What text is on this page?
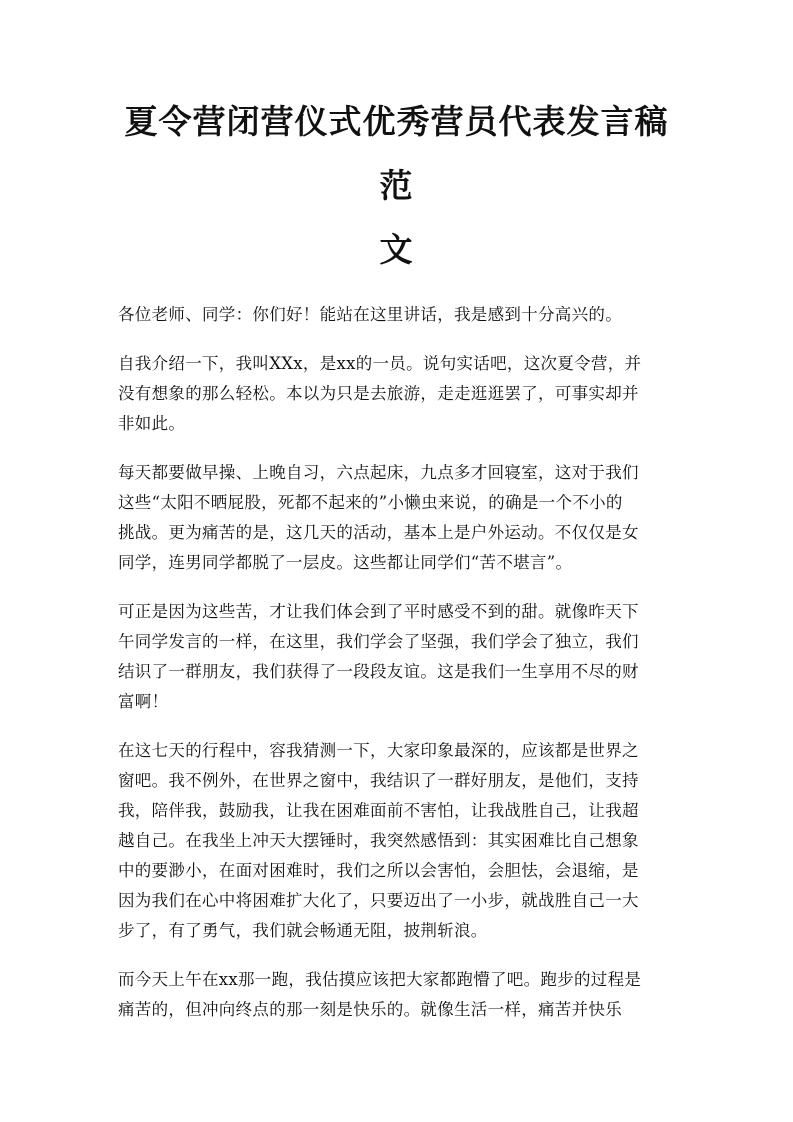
夏令营闭营仪式优秀营员代表发言稿范
文

各位老师、同学：你们好！能站在这里讲话，我是感到十分高兴的。

自我介绍一下，我叫XXx，是xx的一员。说句实话吧，这次夏令营，并
没有想象的那么轻松。本以为只是去旅游，走走逛逛罢了，可事实却并
非如此。

每天都要做早操、上晚自习，六点起床，九点多才回寝室，这对于我们
这些“太阳不晒屁股，死都不起来的”小懒虫来说，的确是一个不小的
挑战。更为痛苦的是，这几天的活动，基本上是户外运动。不仅仅是女
同学，连男同学都脱了一层皮。这些都让同学们“苦不堪言”。

可正是因为这些苦，才让我们体会到了平时感受不到的甜。就像昨天下
午同学发言的一样，在这里，我们学会了坚强，我们学会了独立，我们
结识了一群朋友，我们获得了一段段友谊。这是我们一生享用不尽的财
富啊！

在这七天的行程中，容我猜测一下，大家印象最深的，应该都是世界之
窗吧。我不例外，在世界之窗中，我结识了一群好朋友，是他们，支持
我，陪伴我，鼓励我，让我在困难面前不害怕，让我战胜自己，让我超
越自己。在我坐上冲天大摆锤时，我突然感悟到：其实困难比自己想象
中的要渺小，在面对困难时，我们之所以会害怕，会胆怯，会退缩，是
因为我们在心中将困难扩大化了，只要迈出了一小步，就战胜自己一大
步了，有了勇气，我们就会畅通无阻，披荆斩浪。

而今天上午在xx那一跑，我估摸应该把大家都跑懵了吧。跑步的过程是
痛苦的，但冲向终点的那一刻是快乐的。就像生活一样，痛苦并快乐
